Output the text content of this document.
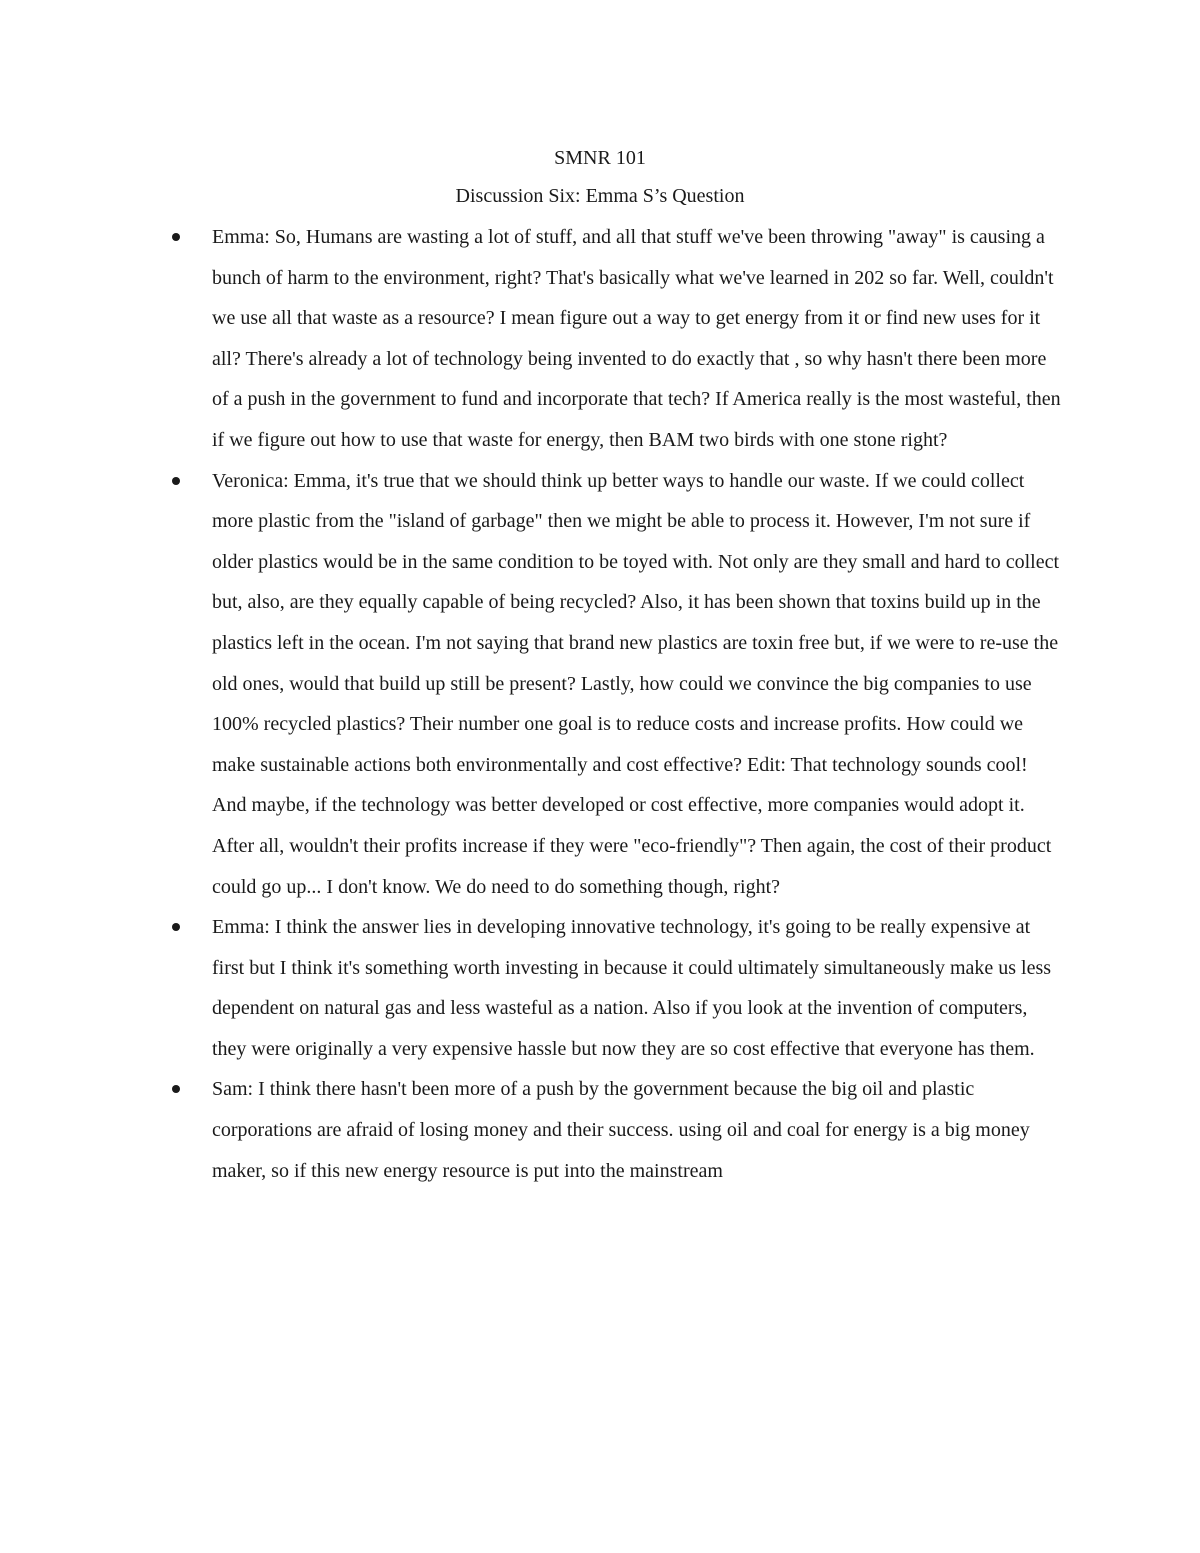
SMNR 101
Discussion Six: Emma S’s Question
Emma: So, Humans are wasting a lot of stuff, and all that stuff we've been throwing "away" is causing a bunch of harm to the environment, right? That's basically what we've learned in 202 so far. Well, couldn't we use all that waste as a resource? I mean figure out a way to get energy from it or find new uses for it all? There's already a lot of technology being invented to do exactly that , so why hasn't there been more of a push in the government to fund and incorporate that tech? If America really is the most wasteful, then if we figure out how to use that waste for energy, then BAM two birds with one stone right?
Veronica: Emma, it's true that we should think up better ways to handle our waste. If we could collect more plastic from the "island of garbage" then we might be able to process it. However, I'm not sure if older plastics would be in the same condition to be toyed with. Not only are they small and hard to collect but, also, are they equally capable of being recycled? Also, it has been shown that toxins build up in the plastics left in the ocean. I'm not saying that brand new plastics are toxin free but, if we were to re-use the old ones, would that build up still be present? Lastly, how could we convince the big companies to use 100% recycled plastics? Their number one goal is to reduce costs and increase profits. How could we make sustainable actions both environmentally and cost effective? Edit: That technology sounds cool! And maybe, if the technology was better developed or cost effective, more companies would adopt it. After all, wouldn't their profits increase if they were "eco-friendly"? Then again, the cost of their product could go up... I don't know. We do need to do something though, right?
Emma: I think the answer lies in developing innovative technology, it's going to be really expensive at first but I think it's something worth investing in because it could ultimately simultaneously make us less dependent on natural gas and less wasteful as a nation. Also if you look at the invention of computers, they were originally a very expensive hassle but now they are so cost effective that everyone has them.
Sam: I think there hasn't been more of a push by the government because the big oil and plastic corporations are afraid of losing money and their success. using oil and coal for energy is a big money maker, so if this new energy resource is put into the mainstream
